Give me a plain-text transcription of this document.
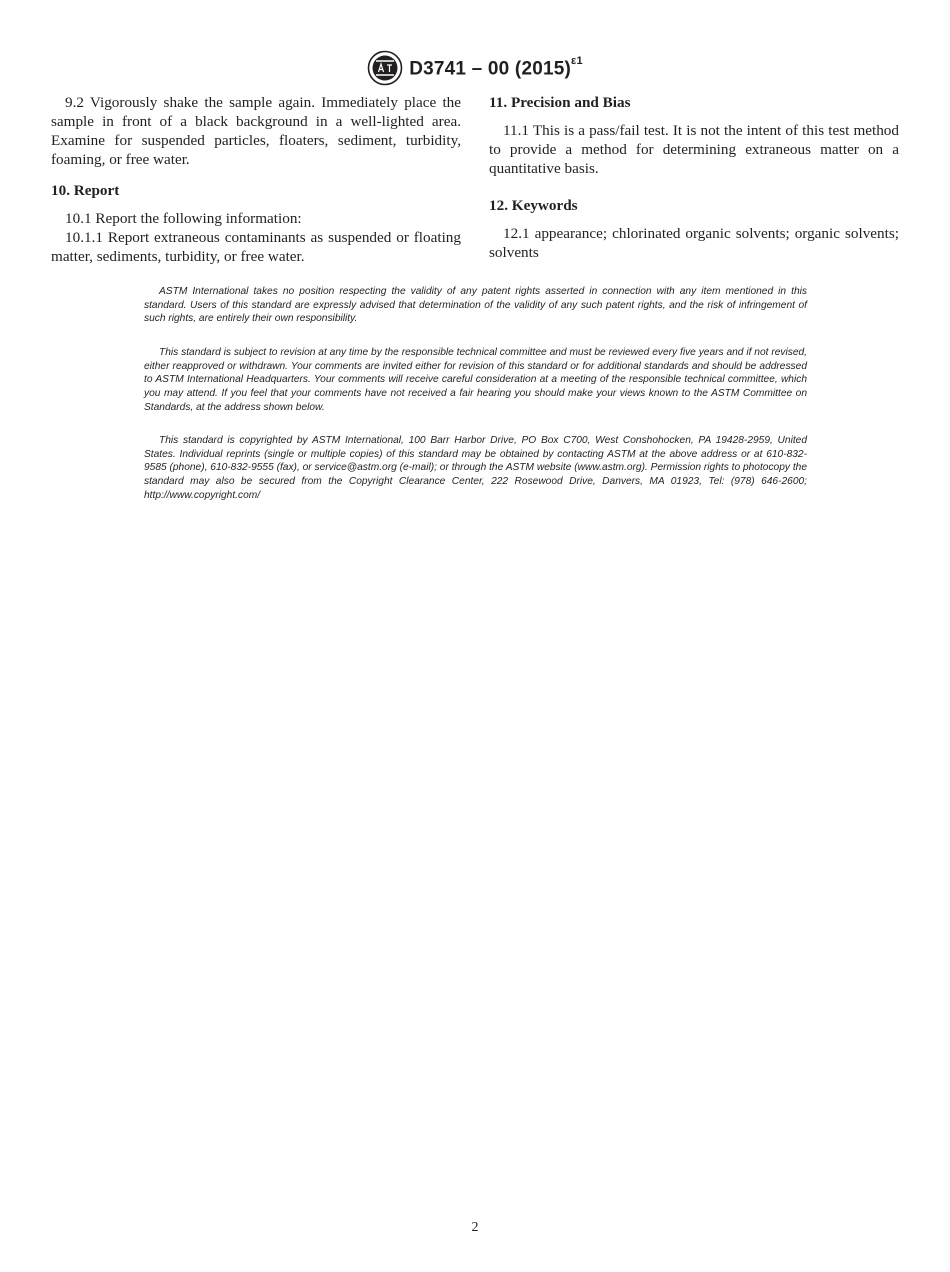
D3741 – 00 $(2015)^{\varepsilon 1}$

9.2 Vigorously shake the sample again. Immediately place the sample in front of a black background in a well-lighted area. Examine for suspended particles, floaters, sediment, turbidity, foaming, or free water.

10. Report

10.1 Report the following information:

10.1.1 Report extraneous contaminants as suspended or floating matter, sediments, turbidity, or free water.

11. Precision and Bias

11.1 This is a pass/fail test. It is not the intent of this test method to provide a method for determining extraneous matter on a quantitative basis.

12. Keywords

12.1 appearance; chlorinated organic solvents; organic solvents; solvents

ASTM International takes no position respecting the validity of any patent rights asserted in connection with any item mentioned in this standard. Users of this standard are expressly advised that determination of the validity of any such patent rights, and the risk of infringement of such rights, are entirely their own responsibility.

This standard is subject to revision at any time by the responsible technical committee and must be reviewed every five years and if not revised, either reapproved or withdrawn. Your comments are invited either for revision of this standard or for additional standards and should be addressed to ASTM International Headquarters. Your comments will receive careful consideration at a meeting of the responsible technical committee, which you may attend. If you feel that your comments have not received a fair hearing you should make your views known to the ASTM Committee on Standards, at the address shown below.

This standard is copyrighted by ASTM International, 100 Barr Harbor Drive, PO Box C700, West Conshohocken, PA 19428-2959, United States. Individual reprints (single or multiple copies) of this standard may be obtained by contacting ASTM at the above address or at 610-832-9585 (phone), 610-832-9555 (fax), or service@astm.org (e-mail); or through the ASTM website (www.astm.org). Permission rights to photocopy the standard may also be secured from the Copyright Clearance Center, 222 Rosewood Drive, Danvers, MA 01923, Tel: (978) 646-2600; http://www.copyright.com/

2
